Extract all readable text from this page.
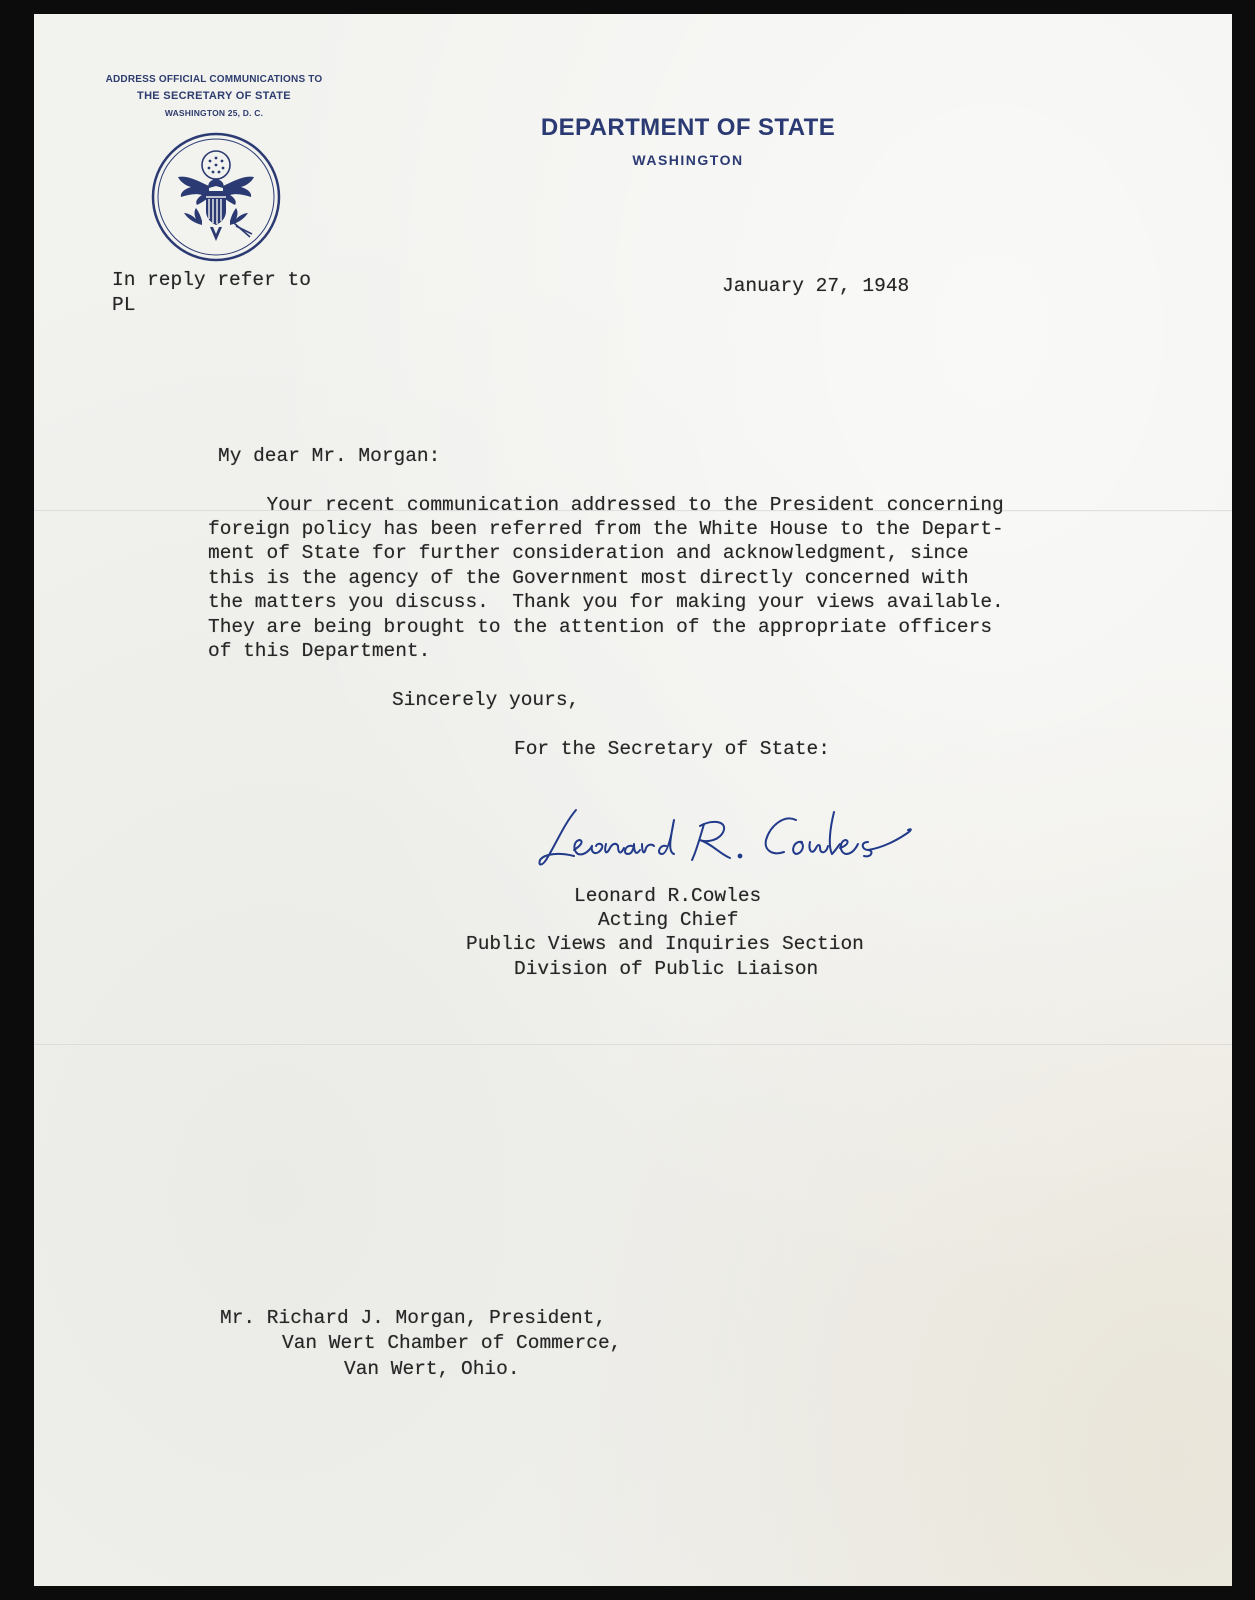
ADDRESS OFFICIAL COMMUNICATIONS TO
THE SECRETARY OF STATE
WASHINGTON 25, D. C.
DEPARTMENT OF STATE
WASHINGTON
In reply refer to
PL
January 27, 1948
My dear Mr. Morgan:
Your recent communication addressed to the President concerning
foreign policy has been referred from the White House to the Depart-
ment of State for further consideration and acknowledgment, since
this is the agency of the Government most directly concerned with
the matters you discuss.  Thank you for making your views available.
They are being brought to the attention of the appropriate officers
of this Department.
Sincerely yours,
For the Secretary of State:
Leonard R.Cowles
Acting Chief
Public Views and Inquiries Section
Division of Public Liaison
Mr. Richard J. Morgan, President,
Van Wert Chamber of Commerce,
Van Wert, Ohio.
